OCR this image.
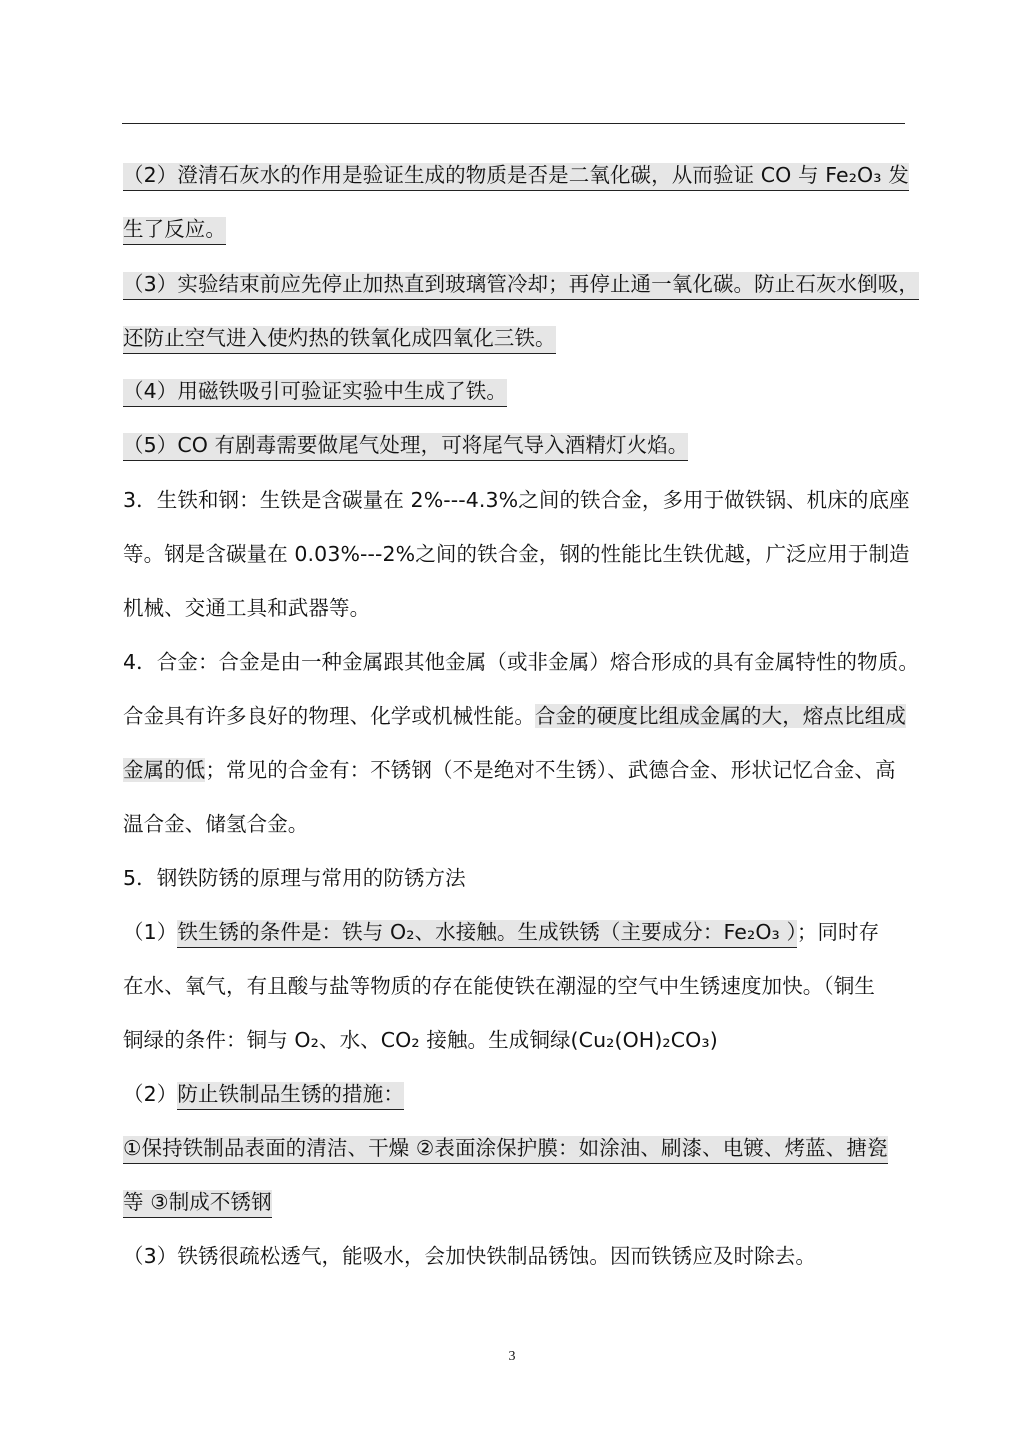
（2）澄清石灰水的作用是验证生成的物质是否是二氧化碳，从而验证 CO 与 Fe₂O₃ 发
生了反应。
（3）实验结束前应先停止加热直到玻璃管冷却；再停止通一氧化碳。防止石灰水倒吸，
还防止空气进入使灼热的铁氧化成四氧化三铁。
（4）用磁铁吸引可验证实验中生成了铁。
（5）CO 有剧毒需要做尾气处理，可将尾气导入酒精灯火焰。
3．生铁和钢：生铁是含碳量在 2%---4.3%之间的铁合金，多用于做铁锅、机床的底座
等。钢是含碳量在 0.03%---2%之间的铁合金，钢的性能比生铁优越，广泛应用于制造
机械、交通工具和武器等。
4．合金：合金是由一种金属跟其他金属（或非金属）熔合形成的具有金属特性的物质。
合金具有许多良好的物理、化学或机械性能。合金的硬度比组成金属的大，熔点比组成
金属的低；常见的合金有：不锈钢（不是绝对不生锈）、武德合金、形状记忆合金、高
温合金、储氢合金。
5．钢铁防锈的原理与常用的防锈方法
（1）铁生锈的条件是：铁与 O₂、水接触。生成铁锈（主要成分：Fe₂O₃ ）；同时存
在水、氧气，有且酸与盐等物质的存在能使铁在潮湿的空气中生锈速度加快。（铜生
铜绿的条件：铜与 O₂、水、CO₂ 接触。生成铜绿(Cu₂(OH)₂CO₃)
（2）防止铁制品生锈的措施：
①保持铁制品表面的清洁、干燥 ②表面涂保护膜：如涂油、刷漆、电镀、烤蓝、搪瓷
等 ③制成不锈钢
（3）铁锈很疏松透气，能吸水，会加快铁制品锈蚀。因而铁锈应及时除去。
3
